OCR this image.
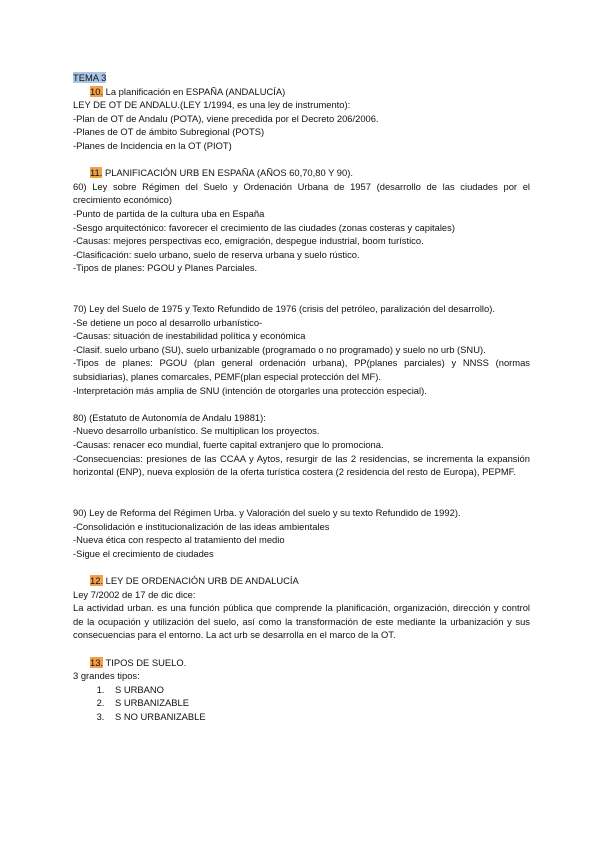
TEMA 3
10. La planificación en ESPAÑA (ANDALUCÍA)
LEY DE OT DE ANDALU.(LEY 1/1994, es una ley de instrumento):
-Plan de OT de Andalu (POTA), viene precedida por el Decreto 206/2006.
-Planes de OT de ámbito Subregional (POTS)
-Planes de Incidencia en la OT (PIOT)
11. PLANIFICACIÓN URB EN ESPAÑA (AÑOS 60,70,80 Y 90).
60) Ley sobre Régimen del Suelo y Ordenación Urbana de 1957 (desarrollo de las ciudades por el crecimiento económico)
-Punto de partida de la cultura uba en España
-Sesgo arquitectónico: favorecer el crecimiento de las ciudades (zonas costeras y capitales)
-Causas: mejores perspectivas eco, emigración, despegue industrial, boom turístico.
-Clasificación: suelo urbano, suelo de reserva urbana y suelo rústico.
-Tipos de planes: PGOU y Planes Parciales.
70) Ley del Suelo de 1975 y Texto Refundido de 1976 (crisis del petróleo, paralización del desarrollo).
-Se detiene un poco al desarrollo urbanístico-
-Causas: situación de inestabilidad política y económica
-Clasif. suelo urbano (SU), suelo urbanizable (programado o no programado) y suelo no urb (SNU).
-Tipos de planes: PGOU (plan general ordenación urbana), PP(planes parciales) y NNSS (normas subsidiarias), planes comarcales, PEMF(plan especial protección del MF).
-Interpretación más amplia de SNU (intención de otorgarles una protección especial).
80) (Estatuto de Autonomía de Andalu 19881):
-Nuevo desarrollo urbanístico. Se multiplican los proyectos.
-Causas: renacer eco mundial, fuerte capital extranjero que lo promociona.
-Consecuencias: presiones de las CCAA y Aytos, resurgir de las 2 residencias, se incrementa la expansión horizontal (ENP), nueva explosión de la oferta turística costera (2 residencia del resto de Europa), PEPMF.
90) Ley de Reforma del Régimen Urba. y Valoración del suelo y su texto Refundido de 1992).
-Consolidación e institucionalización de las ideas ambientales
-Nueva ética con respecto al tratamiento del medio
-Sigue el crecimiento de ciudades
12. LEY DE ORDENACIÓN URB DE ANDALUCÍA
Ley 7/2002 de 17 de dic dice:
La actividad urban. es una función pública que comprende la planificación, organización, dirección y control de la ocupación y utilización del suelo, así como la transformación de este mediante la urbanización y sus consecuencias para el entorno. La act urb se desarrolla en el marco de la OT.
13. TIPOS DE SUELO.
3 grandes tipos:
1. S URBANO
2. S URBANIZABLE
3. S NO URBANIZABLE
